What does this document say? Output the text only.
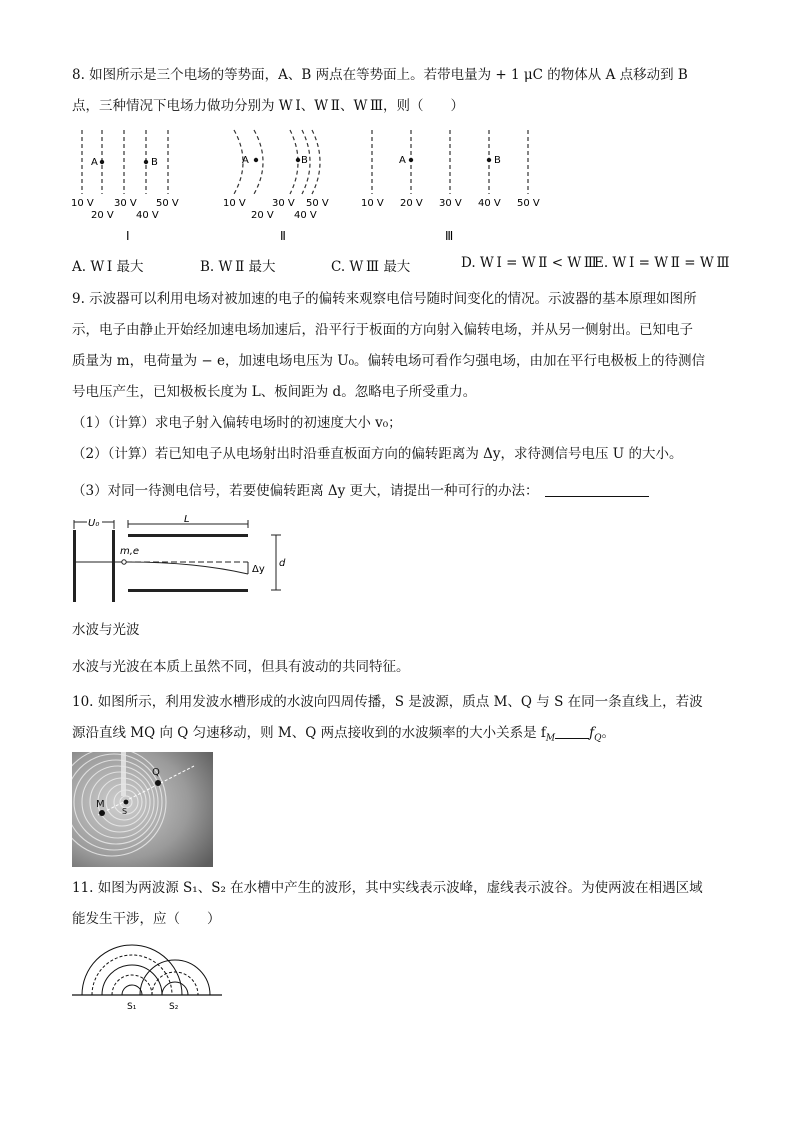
8. 如图所示是三个电场的等势面，A、B 两点在等势面上。若带电量为 + 1 μC 的物体从 A 点移动到 B
点，三种情况下电场力做功分别为 W Ⅰ、W Ⅱ、W Ⅲ，则（　　）
A	B
10 V
20 V
30 V
40 V
50 V
Ⅰ
A	B
10 V
20 V
30 V
40 V
50 V
Ⅱ
A	B
10 V 20 V 30 V 40 V 50 V
Ⅲ
A. W Ⅰ 最大	B. W Ⅱ 最大	C. W Ⅲ 最大	D. W Ⅰ = W Ⅱ < W Ⅲ
E. W Ⅰ = W Ⅱ = W Ⅲ
9. 示波器可以利用电场对被加速的电子的偏转来观察电信号随时间变化的情况。示波器的基本原理如图所
示，电子由静止开始经加速电场加速后，沿平行于板面的方向射入偏转电场，并从另一侧射出。已知电子
质量为 m，电荷量为 − e，加速电场电压为 U₀。偏转电场可看作匀强电场，由加在平行电极板上的待测信
号电压产生，已知极板长度为 L、板间距为 d。忽略电子所受重力。
（1）（计算）求电子射入偏转电场时的初速度大小 v₀；
（2）（计算）若已知电子从电场射出时沿垂直板面方向的偏转距离为 Δy，求待测信号电压 U 的大小。
（3）对同一待测电信号，若要使偏转距离 Δy 更大，请提出一种可行的办法：
U₀
m,e
L
Δy
d
水波与光波
水波与光波在本质上虽然不同，但具有波动的共同特征。
10. 如图所示，利用发波水槽形成的水波向四周传播，S 是波源，质点 M、Q 与 S 在同一条直线上，若波
源沿直线 MQ 向 Q 匀速移动，则 M、Q 两点接收到的水波频率的大小关系是 $f_M$	$f_Q$。
M
S
Q
11. 如图为两波源 S₁、S₂ 在水槽中产生的波形，其中实线表示波峰，虚线表示波谷。为使两波在相遇区域
能发生干涉，应（　　）
S₁	S₂
